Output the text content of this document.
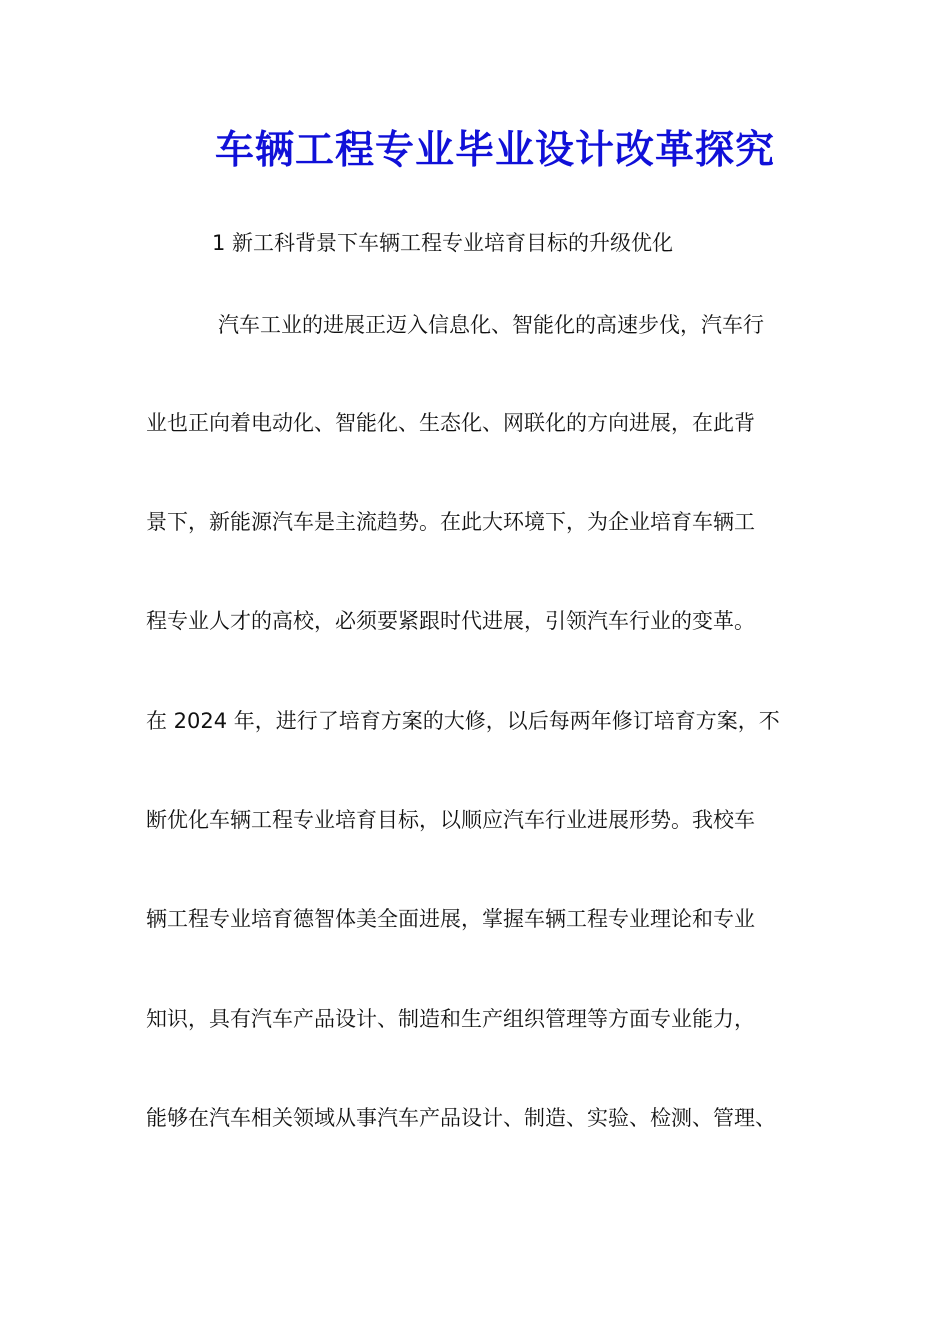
车辆工程专业毕业设计改革探究
1 新工科背景下车辆工程专业培育目标的升级优化
汽车工业的进展正迈入信息化、智能化的高速步伐，汽车行
业也正向着电动化、智能化、生态化、网联化的方向进展，在此背
景下，新能源汽车是主流趋势。在此大环境下，为企业培育车辆工
程专业人才的高校，必须要紧跟时代进展，引领汽车行业的变革。
在 2024 年，进行了培育方案的大修，以后每两年修订培育方案，不
断优化车辆工程专业培育目标，以顺应汽车行业进展形势。我校车
辆工程专业培育德智体美全面进展，掌握车辆工程专业理论和专业
知识，具有汽车产品设计、制造和生产组织管理等方面专业能力，
能够在汽车相关领域从事汽车产品设计、制造、实验、检测、管理、
